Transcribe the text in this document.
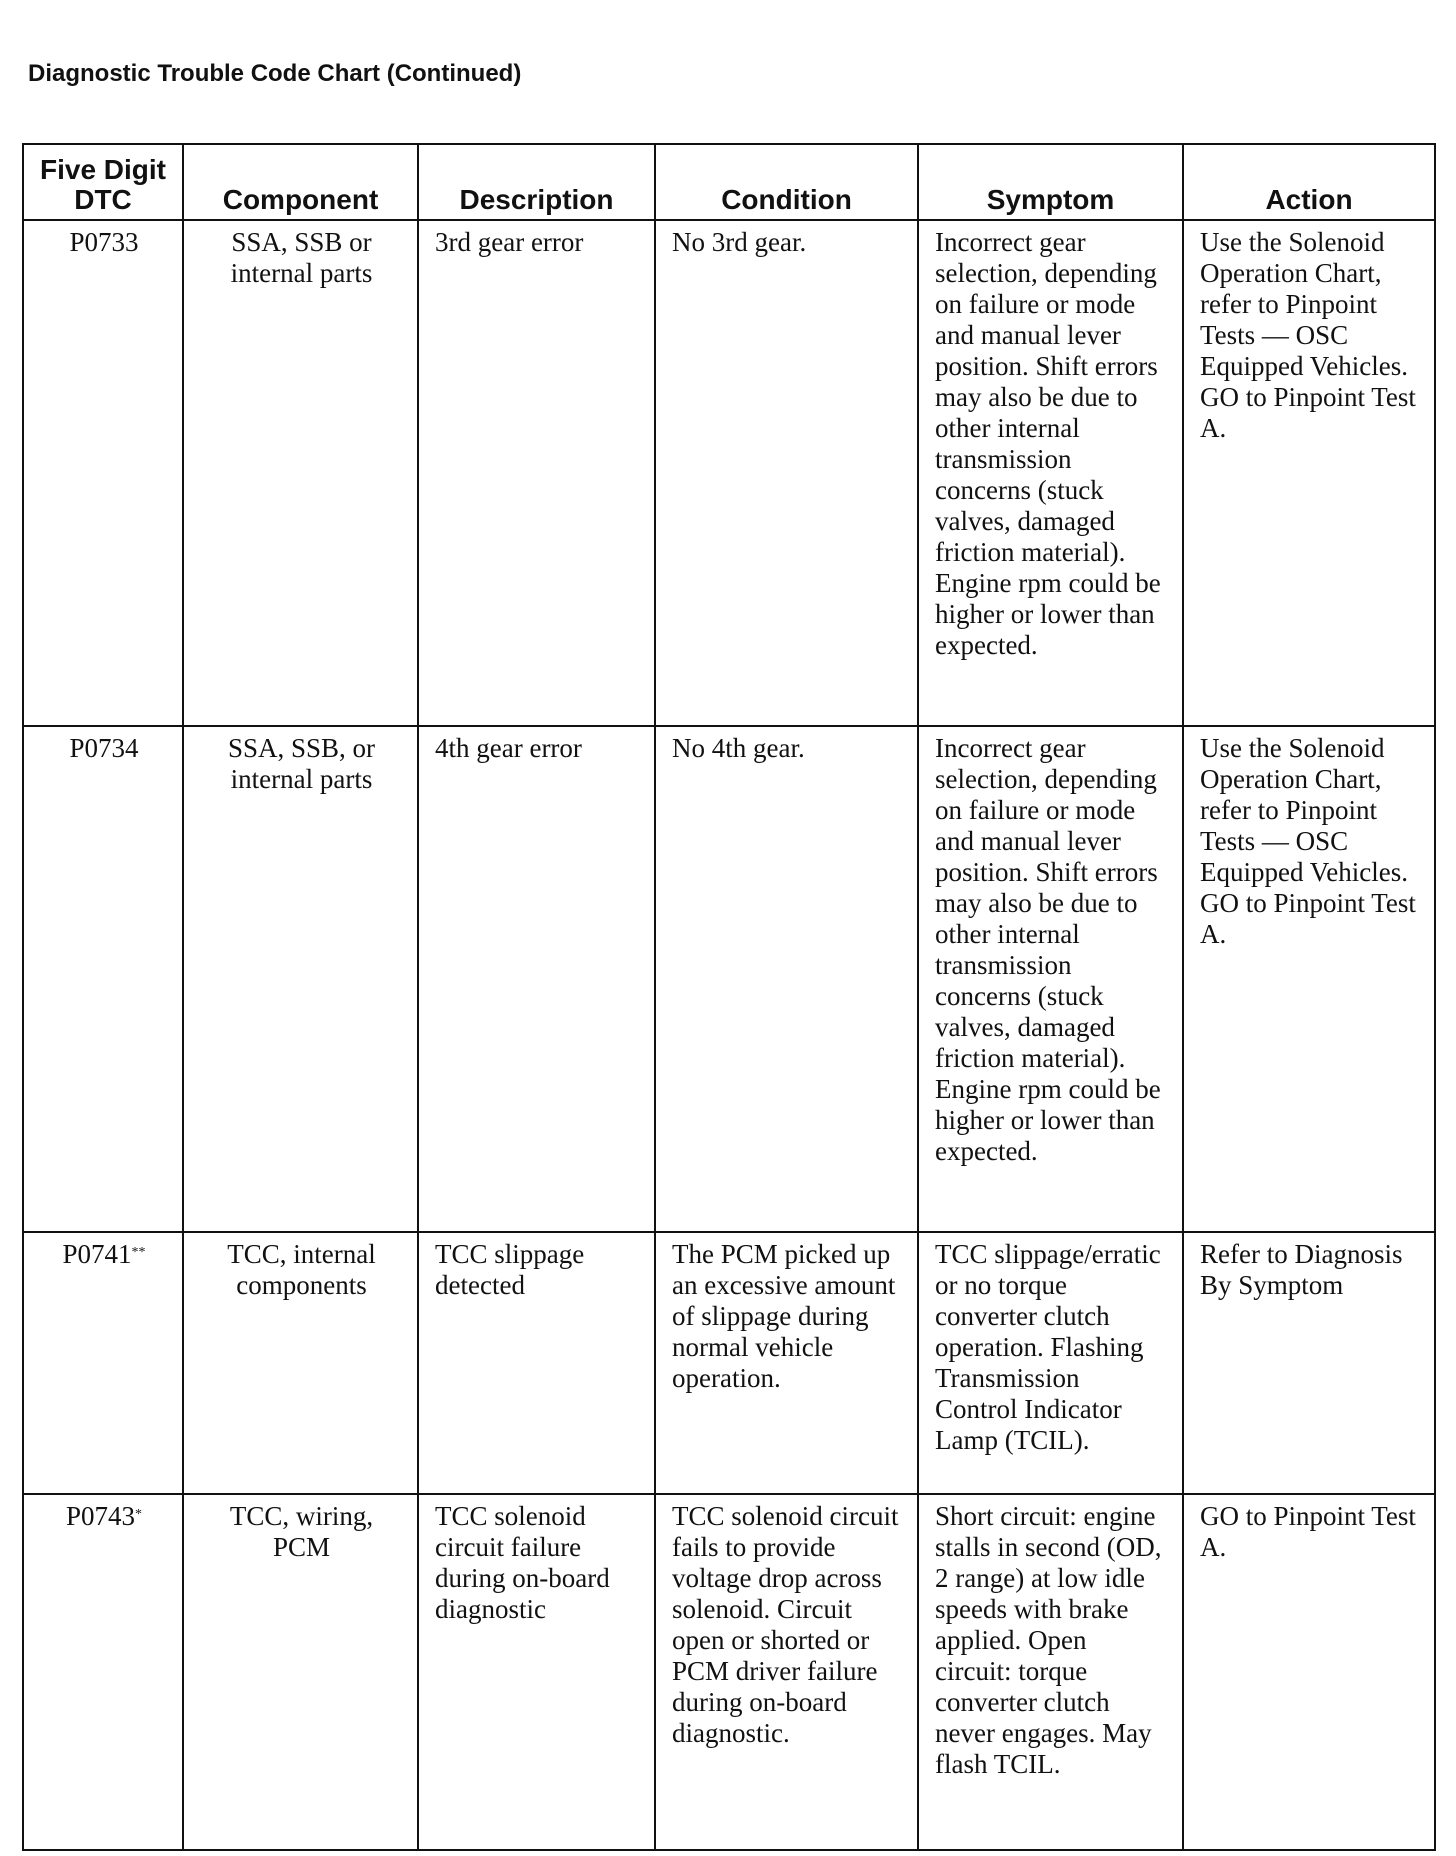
Diagnostic Trouble Code Chart (Continued)
Five Digit
DTC	Component	Description	Condition	Symptom	Action
P0733	SSA, SSB or internal parts	3rd gear error	No 3rd gear.	Incorrect gear selection, depending on failure or mode and manual lever position. Shift errors may also be due to other internal transmission concerns (stuck valves, damaged friction material). Engine rpm could be higher or lower than expected.	Use the Solenoid Operation Chart, refer to Pinpoint Tests — OSC Equipped Vehicles. GO to Pinpoint Test A.
P0734	SSA, SSB, or internal parts	4th gear error	No 4th gear.	Incorrect gear selection, depending on failure or mode and manual lever position. Shift errors may also be due to other internal transmission concerns (stuck valves, damaged friction material). Engine rpm could be higher or lower than expected.	Use the Solenoid Operation Chart, refer to Pinpoint Tests — OSC Equipped Vehicles. GO to Pinpoint Test A.
P0741**	TCC, internal components	TCC slippage detected	The PCM picked up an excessive amount of slippage during normal vehicle operation.	TCC slippage/erratic or no torque converter clutch operation. Flashing Transmission Control Indicator Lamp (TCIL).	Refer to Diagnosis By Symptom
P0743*	TCC, wiring, PCM	TCC solenoid circuit failure during on-board diagnostic	TCC solenoid circuit fails to provide voltage drop across solenoid. Circuit open or shorted or PCM driver failure during on-board diagnostic.	Short circuit: engine stalls in second (OD, 2 range) at low idle speeds with brake applied. Open circuit: torque converter clutch never engages. May flash TCIL.	GO to Pinpoint Test A.
